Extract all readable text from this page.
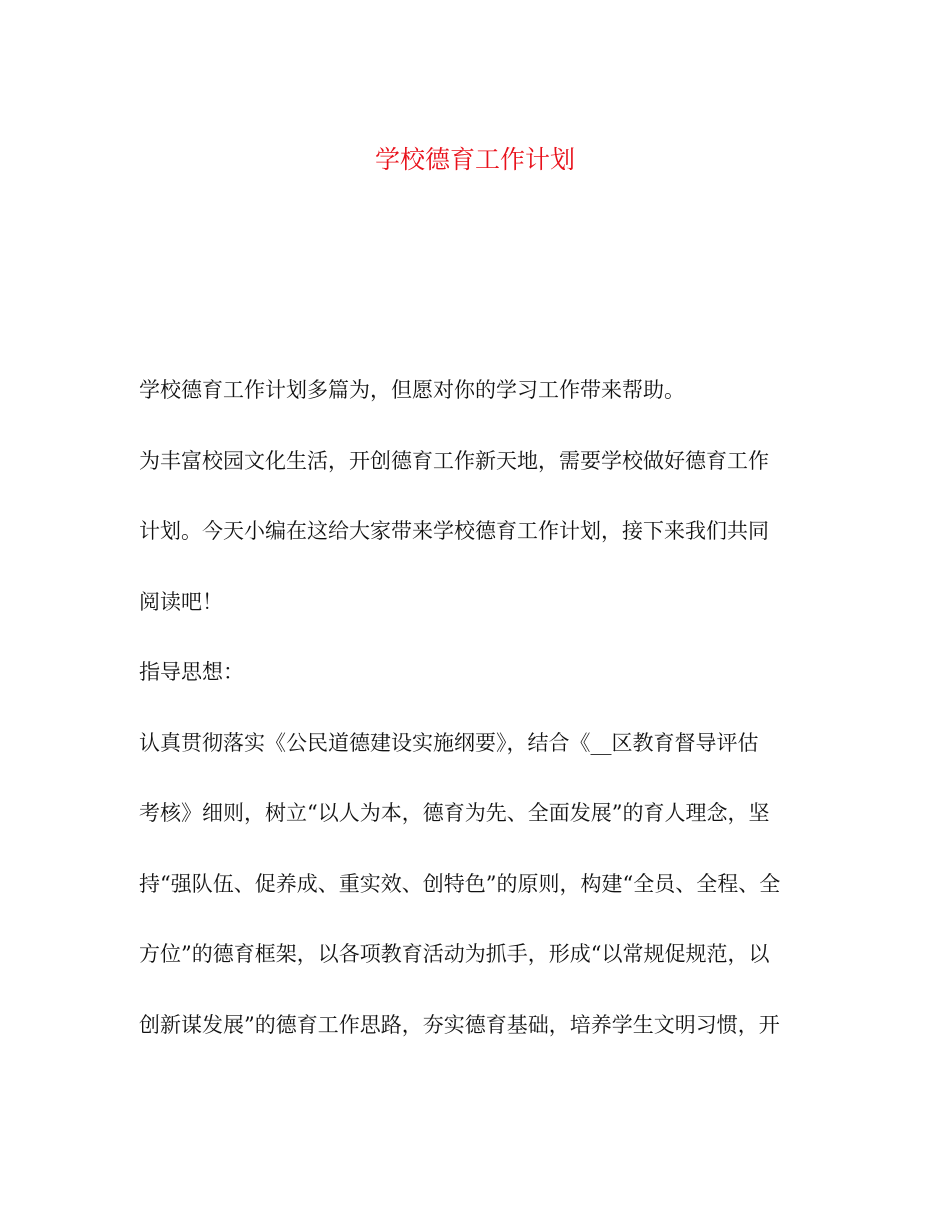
学校德育工作计划
学校德育工作计划多篇为，但愿对你的学习工作带来帮助。
为丰富校园文化生活，开创德育工作新天地，需要学校做好德育工作
计划。今天小编在这给大家带来学校德育工作计划，接下来我们共同
阅读吧！
指导思想：
认真贯彻落实《公民道德建设实施纲要》，结合《__区教育督导评估
考核》细则，树立“以人为本，德育为先、全面发展”的育人理念，坚
持“强队伍、促养成、重实效、创特色”的原则，构建“全员、全程、全
方位”的德育框架，以各项教育活动为抓手，形成“以常规促规范，以
创新谋发展”的德育工作思路，夯实德育基础，培养学生文明习惯，开
